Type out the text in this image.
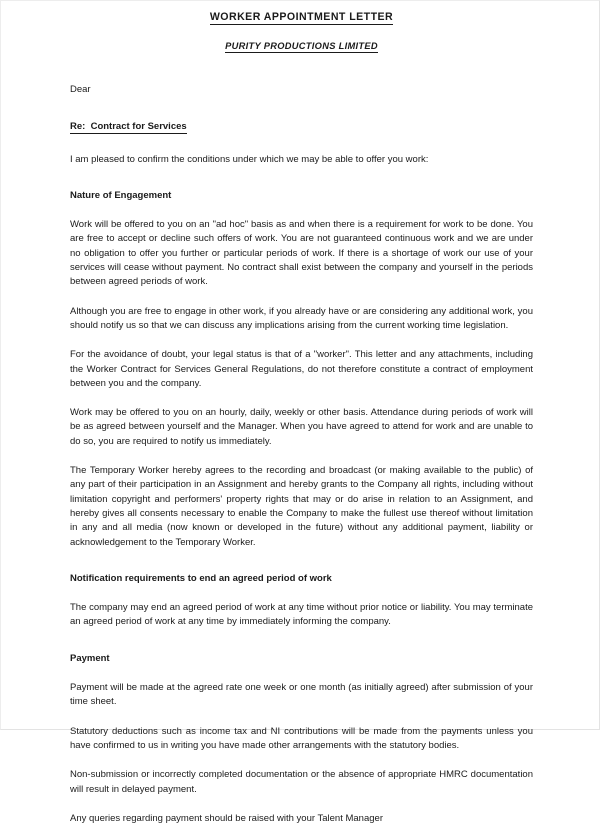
WORKER APPOINTMENT LETTER
PURITY PRODUCTIONS LIMITED

Dear

Re:  Contract for Services

I am pleased to confirm the conditions under which we may be able to offer you work:

Nature of Engagement

Work will be offered to you on an "ad hoc" basis as and when there is a requirement for work to be done. You are free to accept or decline such offers of work. You are not guaranteed continuous work and we are under no obligation to offer you further or particular periods of work. If there is a shortage of work our use of your services will cease without payment. No contract shall exist between the company and yourself in the periods between agreed periods of work.

Although you are free to engage in other work, if you already have or are considering any additional work, you should notify us so that we can discuss any implications arising from the current working time legislation.

For the avoidance of doubt, your legal status is that of a "worker". This letter and any attachments, including the Worker Contract for Services General Regulations, do not therefore constitute a contract of employment between you and the company.

Work may be offered to you on an hourly, daily, weekly or other basis. Attendance during periods of work will be as agreed between yourself and the Manager. When you have agreed to attend for work and are unable to do so, you are required to notify us immediately.

The Temporary Worker hereby agrees to the recording and broadcast (or making available to the public) of any part of their participation in an Assignment and hereby grants to the Company all rights, including without limitation copyright and performers' property rights that may or do arise in relation to an Assignment, and hereby gives all consents necessary to enable the Company to make the fullest use thereof without limitation in any and all media (now known or developed in the future) without any additional payment, liability or acknowledgement to the Temporary Worker.

Notification requirements to end an agreed period of work

The company may end an agreed period of work at any time without prior notice or liability. You may terminate an agreed period of work at any time by immediately informing the company.

Payment

Payment will be made at the agreed rate one week or one month (as initially agreed) after submission of your time sheet.

Statutory deductions such as income tax and NI contributions will be made from the payments unless you have confirmed to us in writing you have made other arrangements with the statutory bodies.

Non-submission or incorrectly completed documentation or the absence of appropriate HMRC documentation will result in delayed payment.

Any queries regarding payment should be raised with your Talent Manager
